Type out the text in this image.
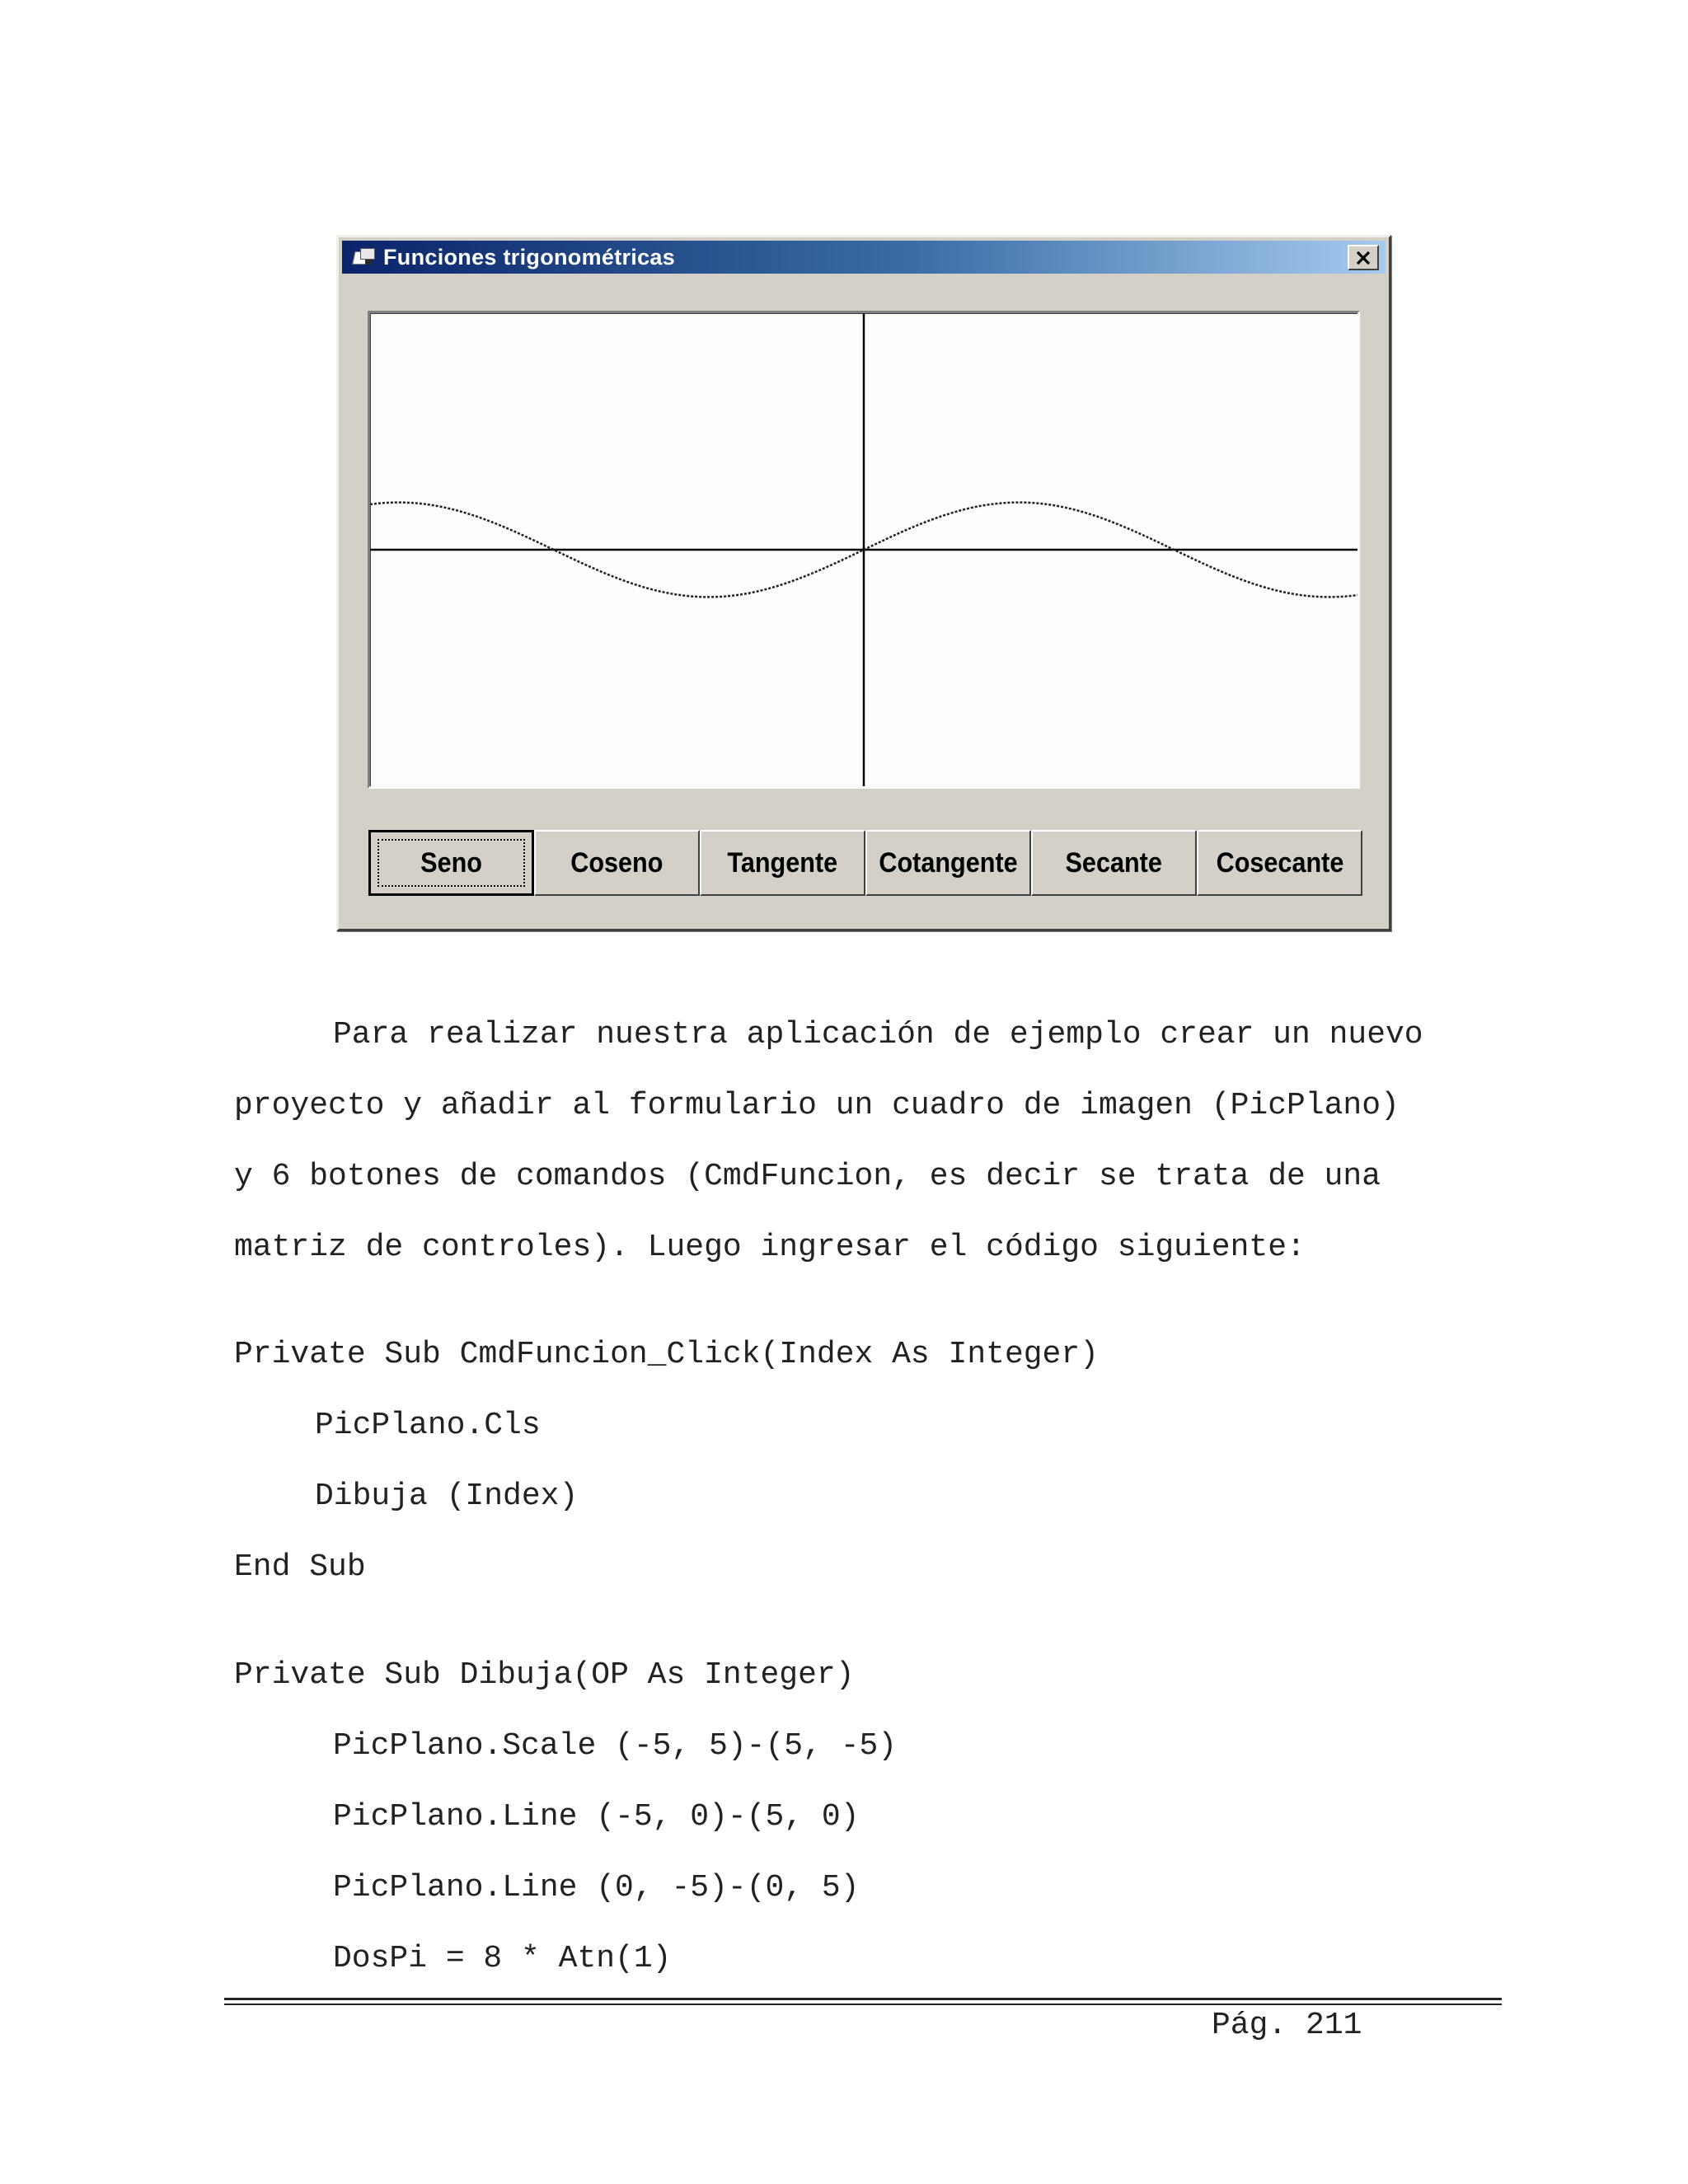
Funciones trigonométricas
Seno	Coseno Tangente Cotangente Secante Cosecante
Para realizar nuestra aplicación de ejemplo crear un nuevo
proyecto y añadir al formulario un cuadro de imagen (PicPlano)
y 6 botones de comandos (CmdFuncion, es decir se trata de una
matriz de controles). Luego ingresar el código siguiente:
Private Sub CmdFuncion_Click(Index As Integer)
PicPlano.Cls
Dibuja (Index)
End Sub
Private Sub Dibuja(OP As Integer)
PicPlano.Scale (-5, 5)-(5, -5)
PicPlano.Line (-5, 0)-(5, 0)
PicPlano.Line (0, -5)-(0, 5)
DosPi = 8 * Atn(1)
Pág. 211
